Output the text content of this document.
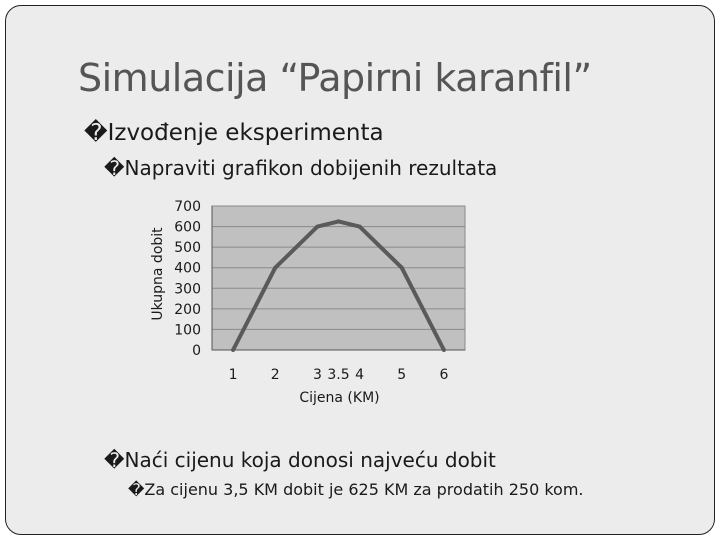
Simulacija “Papirni karanfil”
�Izvođenje eksperimenta
�Napraviti grafikon dobijenih rezultata
0
100
200
300
400
500
600
700
1 2 3 3.5 4 5 6
Cijena (KM)
Ukupna dobit
�Naći cijenu koja donosi najveću dobit
�Za cijenu 3,5 KM dobit je 625 KM za prodatih 250 kom.
